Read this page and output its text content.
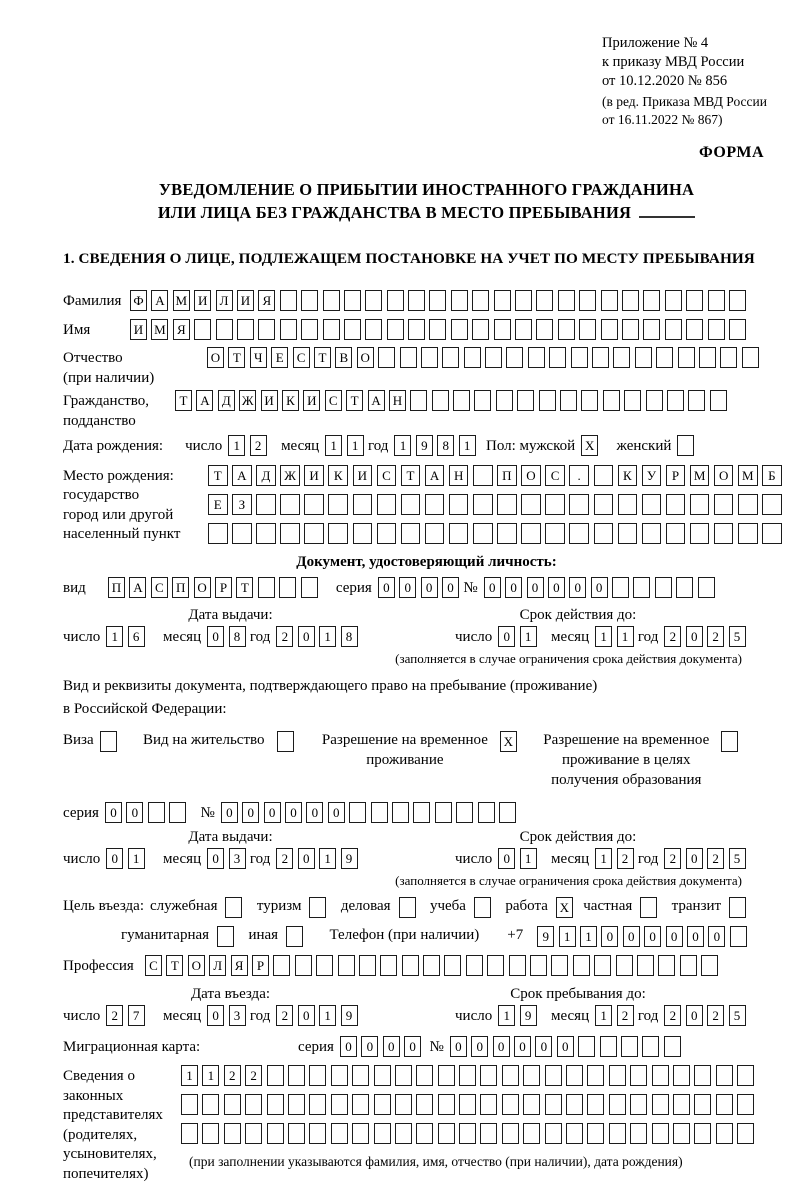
Приложение № 4
к приказу МВД России
от 10.12.2020 № 856
(в ред. Приказа МВД России
от 16.11.2022 № 867)
ФОРМА
УВЕДОМЛЕНИЕ О ПРИБЫТИИ ИНОСТРАННОГО ГРАЖДАНИНА
ИЛИ ЛИЦА БЕЗ ГРАЖДАНСТВА В МЕСТО ПРЕБЫВАНИЯ
1. СВЕДЕНИЯ О ЛИЦЕ, ПОДЛЕЖАЩЕМ ПОСТАНОВКЕ НА УЧЕТ ПО МЕСТУ ПРЕБЫВАНИЯ
Фамилия Ф А М И Л И Я
Имя	И М Я
Отчество
(при наличии)
О Т	Ч	Е	С	Т	В О
Гражданство,
подданство
Т А Д Ж И К И С	Т А Н
Дата рождения: число 1	2	месяц 1	1 год 1	9	8	1	Пол: мужской X женский
Место рождения:
государство
город или другой
населенный пункт
Т	А	Д	Ж	И	К	И	С	Т	А	Н	П	О	С	.	К	У	Р	М	О	М	Б
Е	З
Документ, удостоверяющий личность:
вид	П А С П О	Р	Т	серия 0	0	0	0 № 0	0	0	0	0	0
Дата выдачи:	Срок действия до:
число 1	6	месяц 0	8 год 2	0	1	8	число 0	1	месяц 1	1 год 2	0	2	5
(заполняется в случае ограничения срока действия документа)
Вид и реквизиты документа, подтверждающего право на пребывание (проживание)
в Российской Федерации:
Виза	Вид на жительство	Разрешение на временное
проживание
X Разрешение на временное
проживание в целях
получения образования
серия 0	0	№ 0	0	0	0	0	0
Дата выдачи:	Срок действия до:
число 0	1	месяц 0	3 год 2	0	1	9	число 0	1	месяц 1	2 год 2	0	2	5
(заполняется в случае ограничения срока действия документа)
Цель въезда: служебная	туризм	деловая	учеба	работа X частная	транзит
гуманитарная	иная	Телефон (при наличии) +7	9	1	1	0	0	0	0	0	0
Профессия	С	Т О Л Я	Р
Дата въезда:	Срок пребывания до:
число 2	7	месяц 0	3 год 2	0	1	9	число 1	9	месяц 1	2 год 2	0	2	5
Миграционная карта:	серия 0	0	0	0 № 0	0	0	0	0	0
Сведения о
законных
представителях
(родителях,
усыновителях,
попечителях)
1	1	2	2
(при заполнении указываются фамилия, имя, отчество (при наличии), дата рождения)
